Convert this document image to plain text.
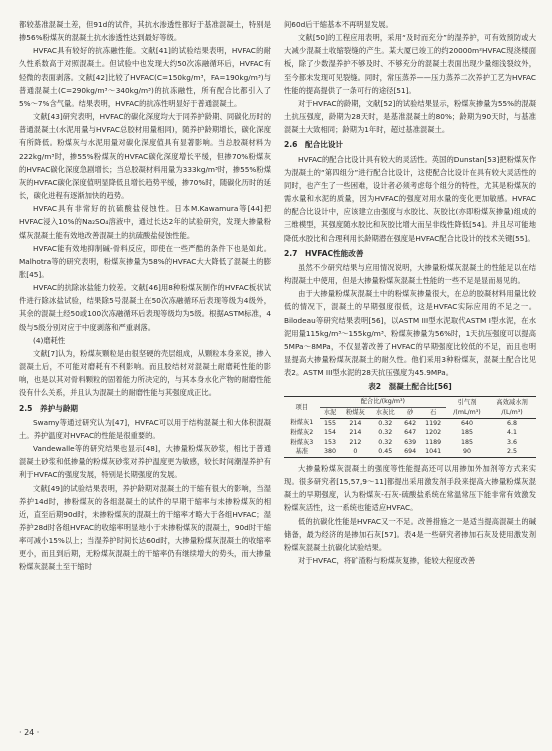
都较基准混凝土差，但91d的试件，其抗水渗透性都好于基准混凝土，特别是掺56%粉煤灰的混凝土抗水渗透性达到最好等级。

HVFAC具有较好的抗冻融性能。文献[41]的试验结果表明，HVFAC的耐久性系数高于对照混凝土。但试验中也发现大约50次冻融循环后，HVFAC有轻微的表面剥落。文献[42]比较了HVFAC(C=150kg/m³，FA=190kg/m³)与普通混凝土(C=290kg/m³～340kg/m³)的抗冻融性，所有配合比都引入了5%～7%含气量。结果表明，HVFAC的抗冻性明显好于普通混凝土。

文献[43]研究表明，HVFAC的碳化深度均大于同养护龄期、同碳化历时的普通混凝土(水泥用量与HVFAC总胶材用量相同)，随养护龄期增长，碳化深度有所降低。粉煤灰与水泥用量对碳化深度值具有显著影响。当总胶凝材料为222kg/m³时，掺55%粉煤灰的HVFAC碳化深度增长平缓，但掺70%粉煤灰的HVFAC碳化深度急剧增长；当总胶凝材料用量为333kg/m³时，掺55%粉煤灰的HVFAC碳化深度值明显降低且增长趋势平缓，掺70%时，随碳化历时的延长，碳化进程有逐渐加快的趋势。

HVFAC具有非常好的抗硫酸盐侵蚀性。日本M.Kawamura等[44]把HVFAC浸入10%的Na₂SO₄溶液中，通过长达2年的试验研究，发现大掺量粉煤灰混凝土能有效地改善混凝土的抗硫酸盐侵蚀性能。

HVFAC能有效地抑制碱-骨料反应，即使在一些严酷的条件下也是如此。Malhotra等的研究表明，粉煤灰掺量为58%的HVFAC大大降低了混凝土的膨胀[45]。

HVFAC的抗除冰盐能力较差。文献[46]用8种粉煤灰制作的HVFAC板状试件进行除冰盐试验，结果除5号混凝土在50次冻融循环后表现等级为4级外，其余的混凝土经50或100次冻融循环后表现等级均为5级。根据ASTM标准，4级与5级分别对应于中度剥落和严重剥落。

(4)磨耗性

文献[7]认为，粉煤灰颗粒是由很坚硬的壳层组成，从颗粒本身来说，掺入混凝土后，不可能对磨耗有不利影响。而且胶结材对混凝土耐磨耗性能的影响，也是以其对骨料颗粒的固着能力所决定的，与其本身水化产物的耐磨性能没有什么关系，并且认为混凝土的耐磨性能与其强度成正比。

2.5　养护与龄期

Swamy等通过研究认为[47]，HVFAC可以用于结构混凝土和大体积混凝土。养护温度对HVFAC的性能是很重要的。

Vandewalle等的研究结果也显示[48]，大掺量粉煤灰砂浆，相比于普通混凝土砂浆和低掺量的粉煤灰砂浆对养护温度更为敏感，较长时间潮湿养护有利于HVFAC的强度发展，特别是长期强度的发展。

文献[49]的试验结果表明，养护龄期对混凝土的干缩有很大的影响，当湿养护14d时，掺粉煤灰的各组混凝土的试件的早期干缩率与未掺粉煤灰的相近，直至后期90d时，未掺粉煤灰的混凝土的干缩率才略大于各组HVFAC；湿养护28d时各组HVFAC的收缩率明显地小于未掺粉煤灰的混凝土，90d时干缩率可减小15%以上；当湿养护时间长达60d时，大掺量粉煤灰混凝土的收缩率更小，而且到后期，无粉煤灰混凝土的干缩率仍有继续增大的势头，而大掺量粉煤灰混凝土至干缩时

间60d后干缩基本不再明显发展。

文献[50]的工程应用表明，采用“及时而充分”的湿养护，可有效预防或大大减少混凝土收缩裂缝的产生。某大厦已竣工的约20000m²HVFAC现浇楼面板，除了少数湿养护不够及时、不够充分的混凝土表面出现少量细浅裂纹外，至今都未发现可见裂缝。同时，常压蒸养——压力蒸养二次养护工艺为HVFAC性能的提高提供了一条可行的途径[51]。

对于HVFAC的龄期，文献[52]的试验结果显示，粉煤灰掺量为55%的混凝土抗压强度，龄期为28天时，是基准混凝土的80%；龄期为90天时，与基准混凝土大致相同；龄期为1年时，超过基准混凝土。

2.6　配合比设计

HVFAC的配合比设计具有较大的灵活性。英国的Dunstan[53]把粉煤灰作为混凝土的“第四组分”进行配合比设计，这使配合比设计在具有较大灵活性的同时，也产生了一些困难，设计者必须考虑每个组分的特性，尤其是粉煤灰的需水量和水泥的质量，因为HVFAC的强度对用水量的变化更加敏感。HVFAC的配合比设计中，应该建立由强度与水胶比、灰胶比(亦即粉煤灰掺量)组成的三维模型，其强度随水胶比和灰胶比增大而呈非线性降低[54]。并且尽可能地降低水胶比和合理利用长龄期潜在强度是HVFAC配合比设计的技术关键[55]。

2.7　HVFAC性能改善

虽然不少研究结果与应用情况说明，大掺量粉煤灰混凝土的性能足以在结构混凝土中使用，但是大掺量粉煤灰混凝土性能的一些不足是显而易见的。

由于大掺量粉煤灰混凝土中的粉煤灰掺量很大，在总的胶凝材料用量比较低的情况下，混凝土的早期强度很低，这是HVFAC实际应用的不足之一。Bilodeau等研究结果表明[56]，以ASTM III型水泥取代ASTM I型水泥，在水泥用量115kg/m³～155kg/m³、粉煤灰掺量为56%时，1天抗压强度可以提高5MPa～8MPa，不仅显著改善了HVFAC的早期强度比较低的不足，而且也明显提高大掺量粉煤灰混凝土的耐久性。他们采用3种粉煤灰，混凝土配合比见表2。ASTM III型水泥的28天抗压强度为45.9MPa。

表2　混凝土配合比[56]
项目	配合比/(kg/m³)					引气剂	高效减水剂
	水泥	粉煤灰	水灰比	砂	石	/(mL/m³)	/(L/m³)
粉煤灰1	155	214	0.32	642	1192	640	6.8
粉煤灰2	154	214	0.32	647	1202	185	4.1
粉煤灰3	153	212	0.32	639	1189	185	3.6
基准	380	0	0.45	694	1041	90	2.5

大掺量粉煤灰混凝土的强度等性能提高还可以用掺加外加剂等方式来实现。很多研究者[15,57,9～11]都提出采用激发剂手段来提高大掺量粉煤灰混凝土的早期强度，认为粉煤灰-石灰-硫酸盐系统在常温常压下能非常有效激发粉煤灰活性，这一系统也能适应HVFAC。

低的抗碳化性能是HVFAC又一不足。改善措施之一是适当提高混凝土的碱储备，最为经济的是掺加石灰[57]。表4是一些研究者掺加石灰及使用激发剂粉煤灰混凝土抗碳化试验结果。

对于HVFAC，将矿渣粉与粉煤灰复掺，能较大程度改善

· 24 ·
